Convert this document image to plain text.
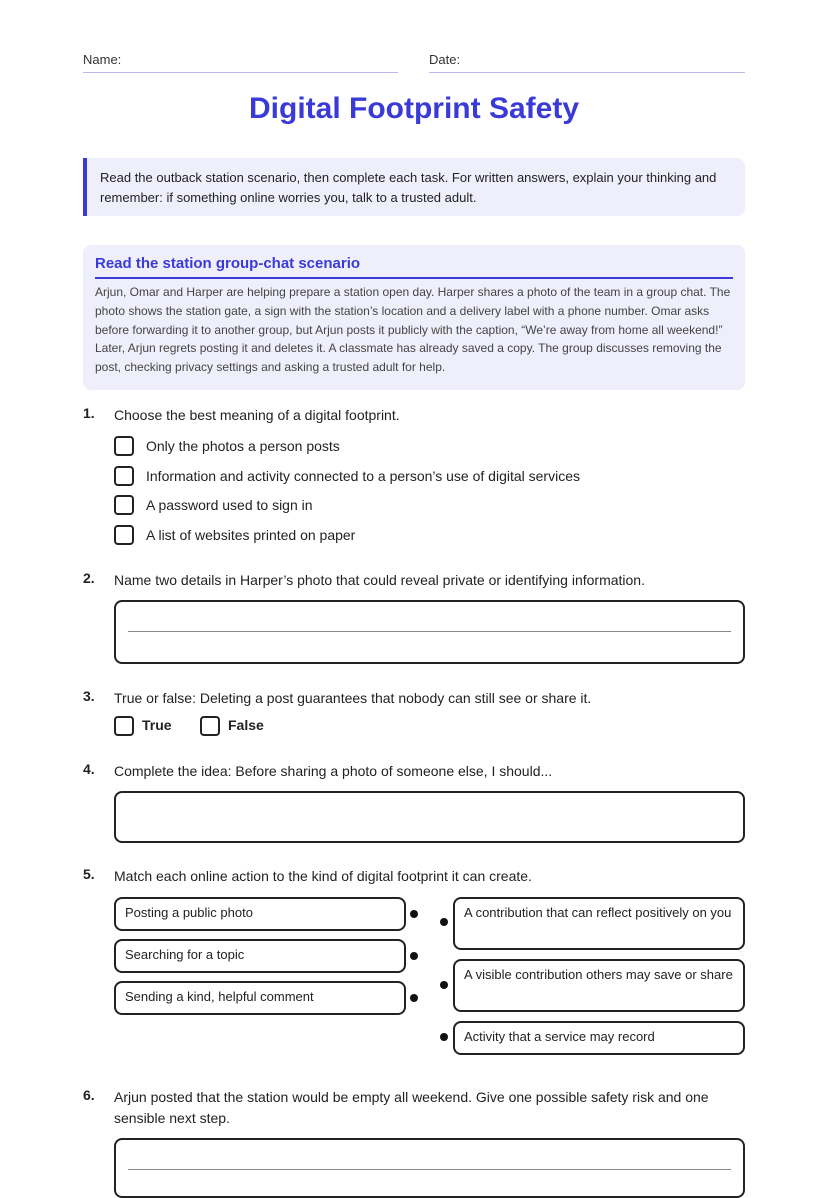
Name:	Date:
Digital Footprint Safety
Read the outback station scenario, then complete each task. For written answers, explain your thinking and remember: if something online worries you, talk to a trusted adult.
Read the station group-chat scenario
Arjun, Omar and Harper are helping prepare a station open day. Harper shares a photo of the team in a group chat. The photo shows the station gate, a sign with the station’s location and a delivery label with a phone number. Omar asks before forwarding it to another group, but Arjun posts it publicly with the caption, “We’re away from home all weekend!” Later, Arjun regrets posting it and deletes it. A classmate has already saved a copy. The group discusses removing the post, checking privacy settings and asking a trusted adult for help.
1. Choose the best meaning of a digital footprint.
Only the photos a person posts
Information and activity connected to a person’s use of digital services
A password used to sign in
A list of websites printed on paper
2. Name two details in Harper’s photo that could reveal private or identifying information.
3. True or false: Deleting a post guarantees that nobody can still see or share it.
True	False
4. Complete the idea: Before sharing a photo of someone else, I should...
5. Match each online action to the kind of digital footprint it can create.
Posting a public photo
Searching for a topic
Sending a kind, helpful comment
A contribution that can reflect positively on you
A visible contribution others may save or share
Activity that a service may record
6. Arjun posted that the station would be empty all weekend. Give one possible safety risk and one sensible next step.
